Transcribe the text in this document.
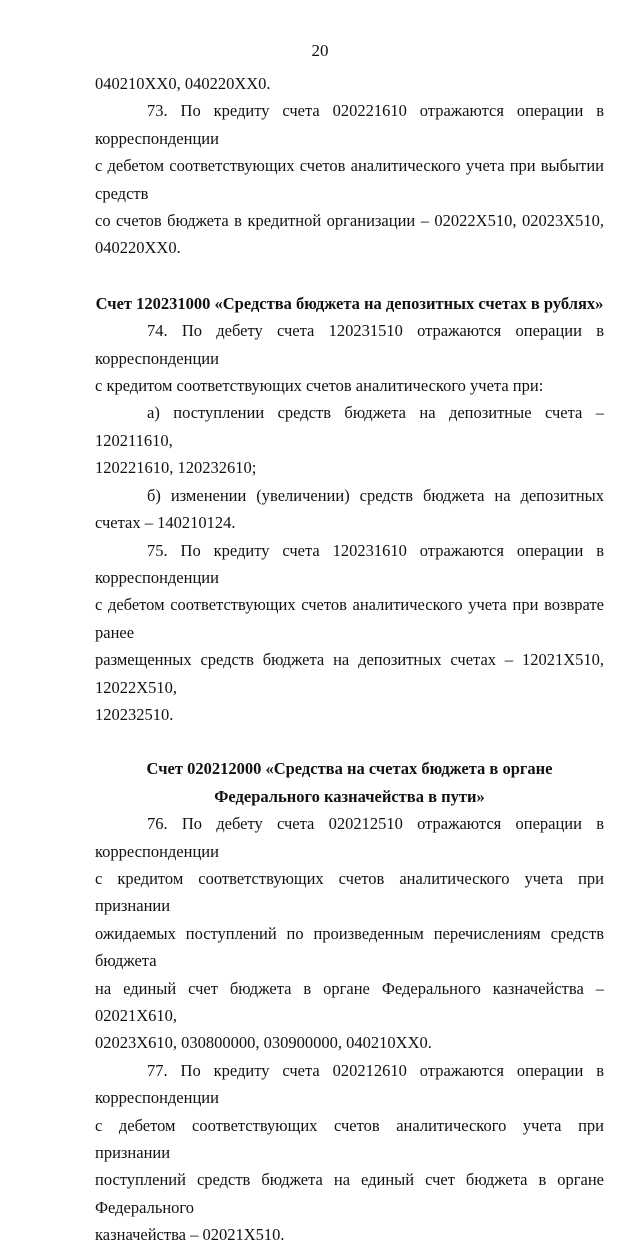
20

040210XX0, 040220XX0.

73. По кредиту счета 020221610 отражаются операции в корреспонденции
с дебетом соответствующих счетов аналитического учета при выбытии средств
со счетов бюджета в кредитной организации – 02022X510, 02023X510,
040220XX0.

Счет 120231000 «Средства бюджета на депозитных счетах в рублях»

74. По дебету счета 120231510 отражаются операции в корреспонденции
с кредитом соответствующих счетов аналитического учета при:

а) поступлении средств бюджета на депозитные счета – 120211610,
120221610, 120232610;

б) изменении (увеличении) средств бюджета на депозитных
счетах – 140210124.

75. По кредиту счета 120231610 отражаются операции в корреспонденции
с дебетом соответствующих счетов аналитического учета при возврате ранее
размещенных средств бюджета на депозитных счетах – 12021X510, 12022X510,
120232510.

Счет 020212000 «Средства на счетах бюджета в органе
Федерального казначейства в пути»

76. По дебету счета 020212510 отражаются операции в корреспонденции
с кредитом соответствующих счетов аналитического учета при признании
ожидаемых поступлений по произведенным перечислениям средств бюджета
на единый счет бюджета в органе Федерального казначейства – 02021X610,
02023X610, 030800000, 030900000, 040210XX0.

77. По кредиту счета 020212610 отражаются операции в корреспонденции
с дебетом соответствующих счетов аналитического учета при признании
поступлений средств бюджета на единый счет бюджета в органе Федерального
казначейства – 02021X510.
